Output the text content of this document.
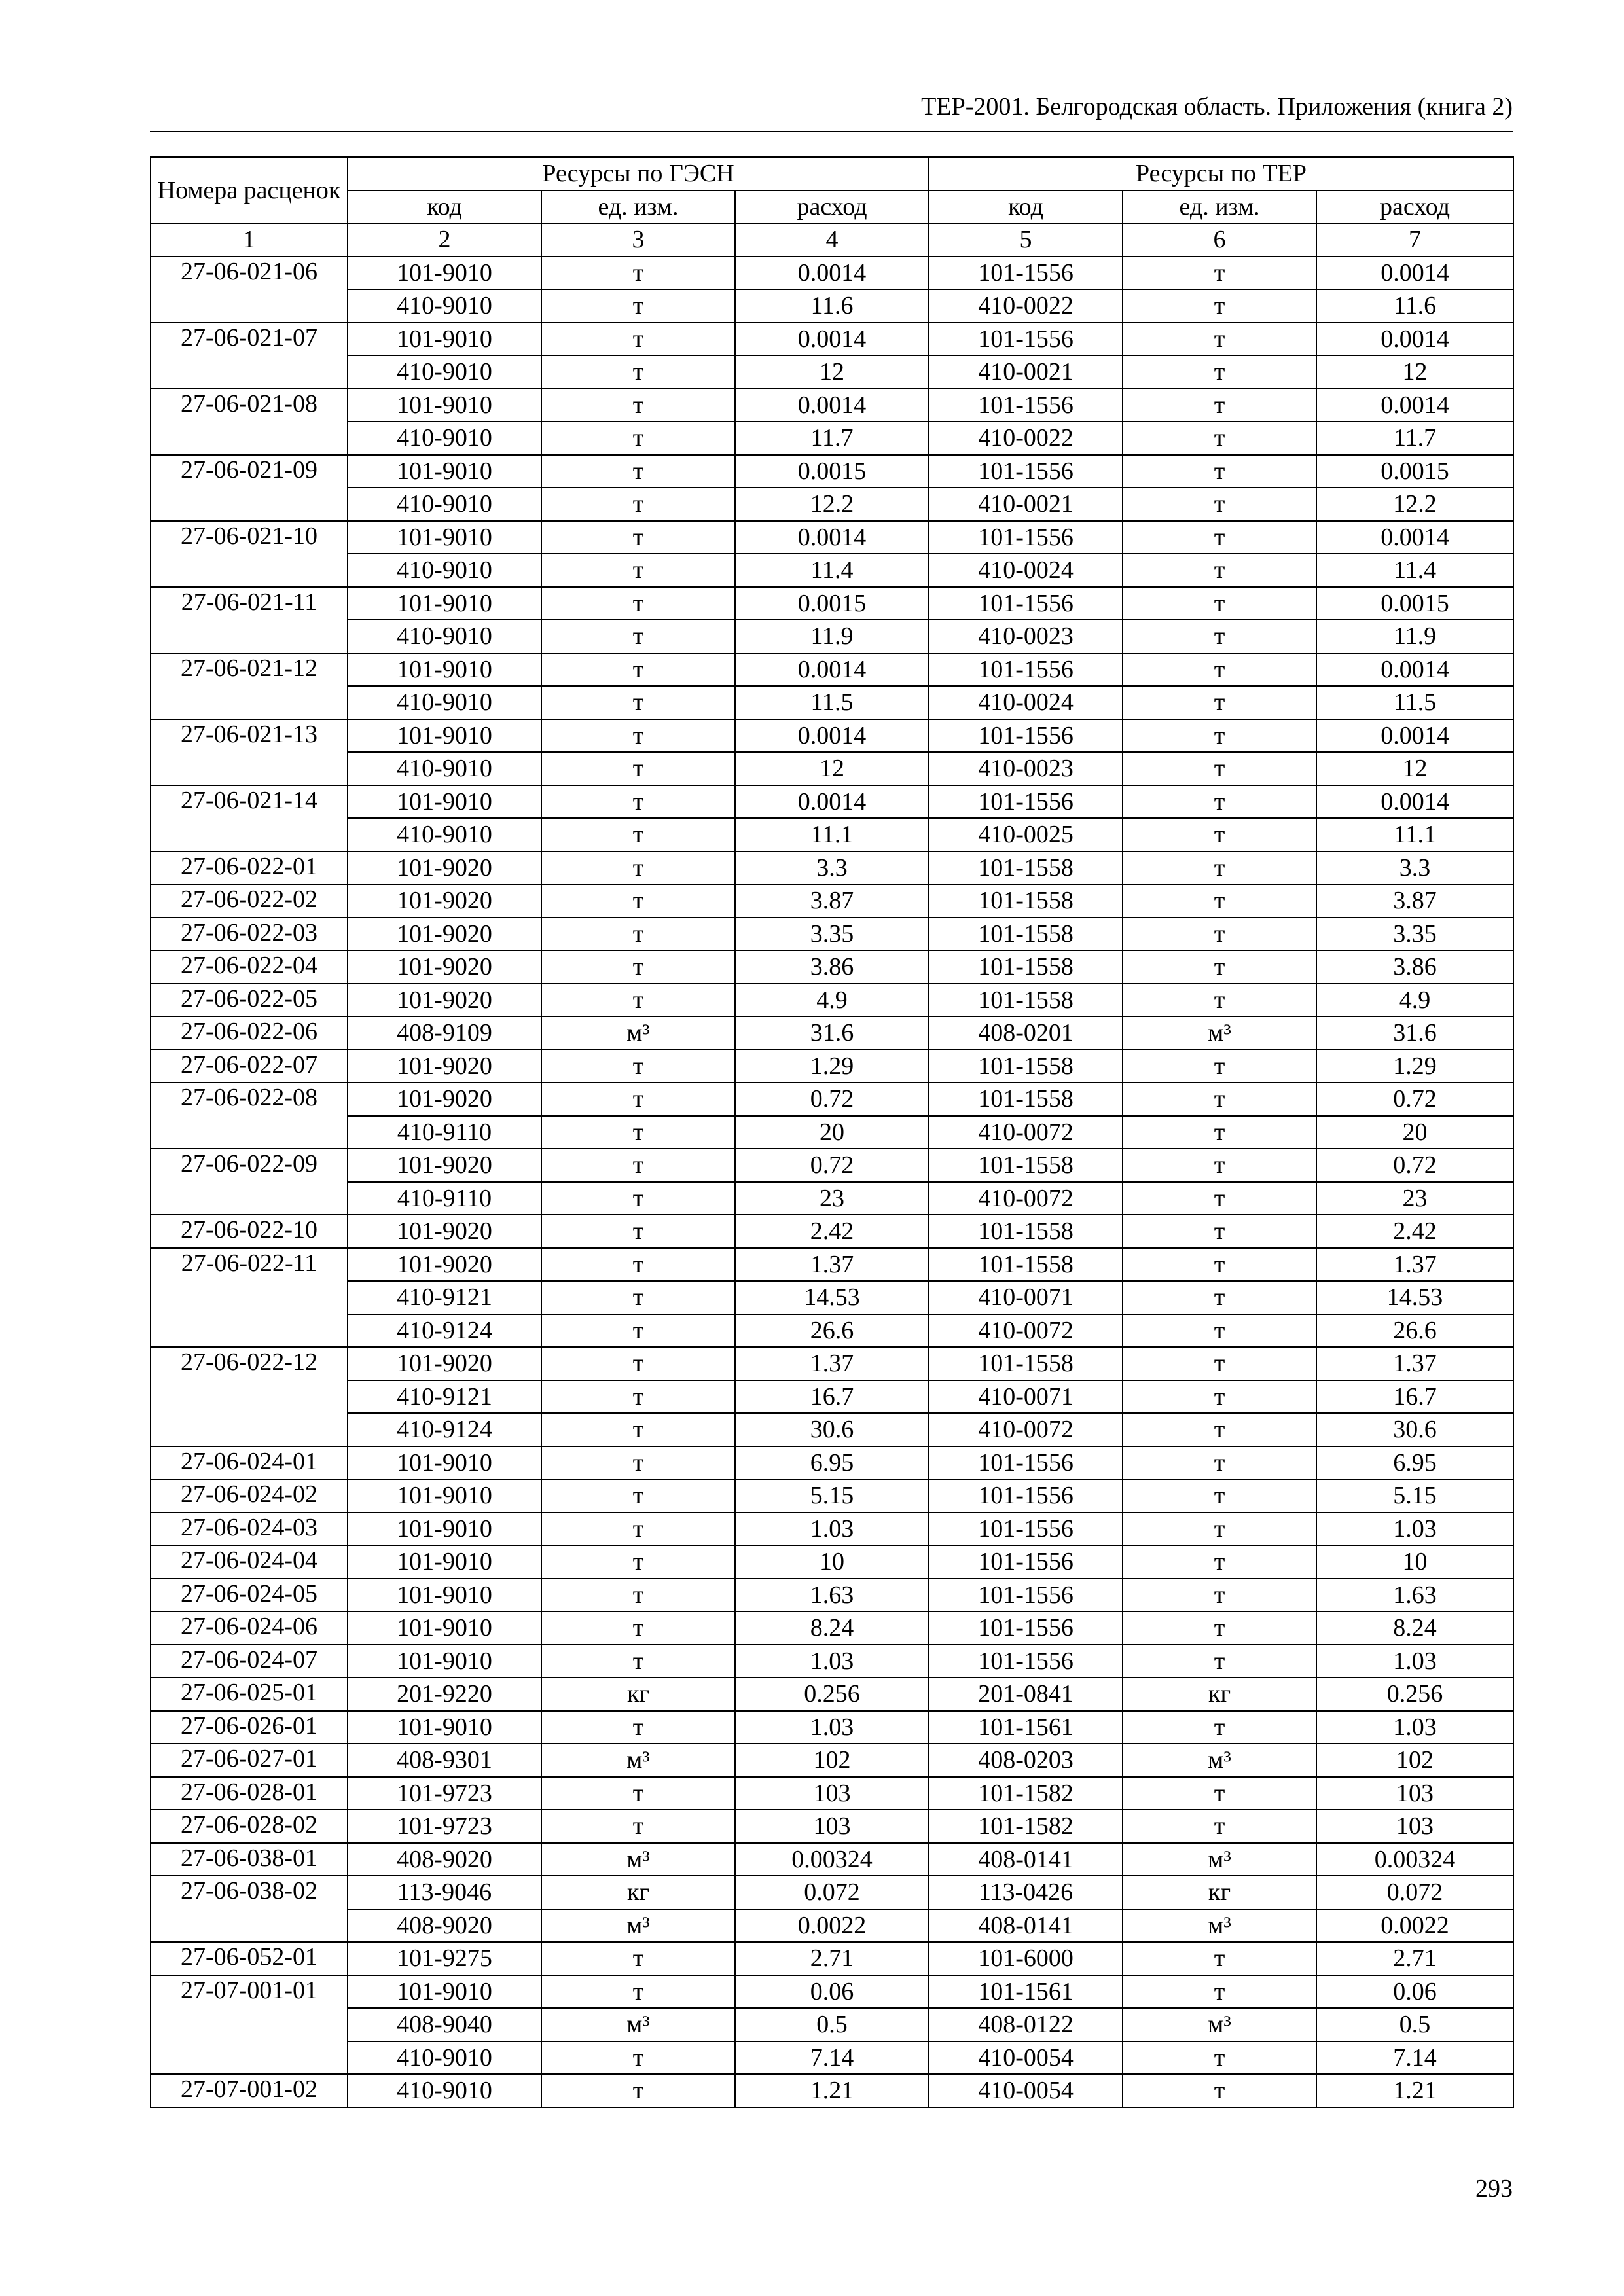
ТЕР-2001. Белгородская область. Приложения (книга 2)
Номера расценок	Ресурсы по ГЭСН			Ресурсы по ТЕР		
	код	ед. изм.	расход	код	ед. изм.	расход
1	2	3	4	5	6	7
27-06-021-06	101-9010	т	0.0014	101-1556	т	0.0014
	410-9010	т	11.6	410-0022	т	11.6
27-06-021-07	101-9010	т	0.0014	101-1556	т	0.0014
	410-9010	т	12	410-0021	т	12
27-06-021-08	101-9010	т	0.0014	101-1556	т	0.0014
	410-9010	т	11.7	410-0022	т	11.7
27-06-021-09	101-9010	т	0.0015	101-1556	т	0.0015
	410-9010	т	12.2	410-0021	т	12.2
27-06-021-10	101-9010	т	0.0014	101-1556	т	0.0014
	410-9010	т	11.4	410-0024	т	11.4
27-06-021-11	101-9010	т	0.0015	101-1556	т	0.0015
	410-9010	т	11.9	410-0023	т	11.9
27-06-021-12	101-9010	т	0.0014	101-1556	т	0.0014
	410-9010	т	11.5	410-0024	т	11.5
27-06-021-13	101-9010	т	0.0014	101-1556	т	0.0014
	410-9010	т	12	410-0023	т	12
27-06-021-14	101-9010	т	0.0014	101-1556	т	0.0014
	410-9010	т	11.1	410-0025	т	11.1
27-06-022-01	101-9020	т	3.3	101-1558	т	3.3
27-06-022-02	101-9020	т	3.87	101-1558	т	3.87
27-06-022-03	101-9020	т	3.35	101-1558	т	3.35
27-06-022-04	101-9020	т	3.86	101-1558	т	3.86
27-06-022-05	101-9020	т	4.9	101-1558	т	4.9
27-06-022-06	408-9109	м³	31.6	408-0201	м³	31.6
27-06-022-07	101-9020	т	1.29	101-1558	т	1.29
27-06-022-08	101-9020	т	0.72	101-1558	т	0.72
	410-9110	т	20	410-0072	т	20
27-06-022-09	101-9020	т	0.72	101-1558	т	0.72
	410-9110	т	23	410-0072	т	23
27-06-022-10	101-9020	т	2.42	101-1558	т	2.42
27-06-022-11	101-9020	т	1.37	101-1558	т	1.37
	410-9121	т	14.53	410-0071	т	14.53
	410-9124	т	26.6	410-0072	т	26.6
27-06-022-12	101-9020	т	1.37	101-1558	т	1.37
	410-9121	т	16.7	410-0071	т	16.7
	410-9124	т	30.6	410-0072	т	30.6
27-06-024-01	101-9010	т	6.95	101-1556	т	6.95
27-06-024-02	101-9010	т	5.15	101-1556	т	5.15
27-06-024-03	101-9010	т	1.03	101-1556	т	1.03
27-06-024-04	101-9010	т	10	101-1556	т	10
27-06-024-05	101-9010	т	1.63	101-1556	т	1.63
27-06-024-06	101-9010	т	8.24	101-1556	т	8.24
27-06-024-07	101-9010	т	1.03	101-1556	т	1.03
27-06-025-01	201-9220	кг	0.256	201-0841	кг	0.256
27-06-026-01	101-9010	т	1.03	101-1561	т	1.03
27-06-027-01	408-9301	м³	102	408-0203	м³	102
27-06-028-01	101-9723	т	103	101-1582	т	103
27-06-028-02	101-9723	т	103	101-1582	т	103
27-06-038-01	408-9020	м³	0.00324	408-0141	м³	0.00324
27-06-038-02	113-9046	кг	0.072	113-0426	кг	0.072
	408-9020	м³	0.0022	408-0141	м³	0.0022
27-06-052-01	101-9275	т	2.71	101-6000	т	2.71
27-07-001-01	101-9010	т	0.06	101-1561	т	0.06
	408-9040	м³	0.5	408-0122	м³	0.5
	410-9010	т	7.14	410-0054	т	7.14
27-07-001-02	410-9010	т	1.21	410-0054	т	1.21
293
